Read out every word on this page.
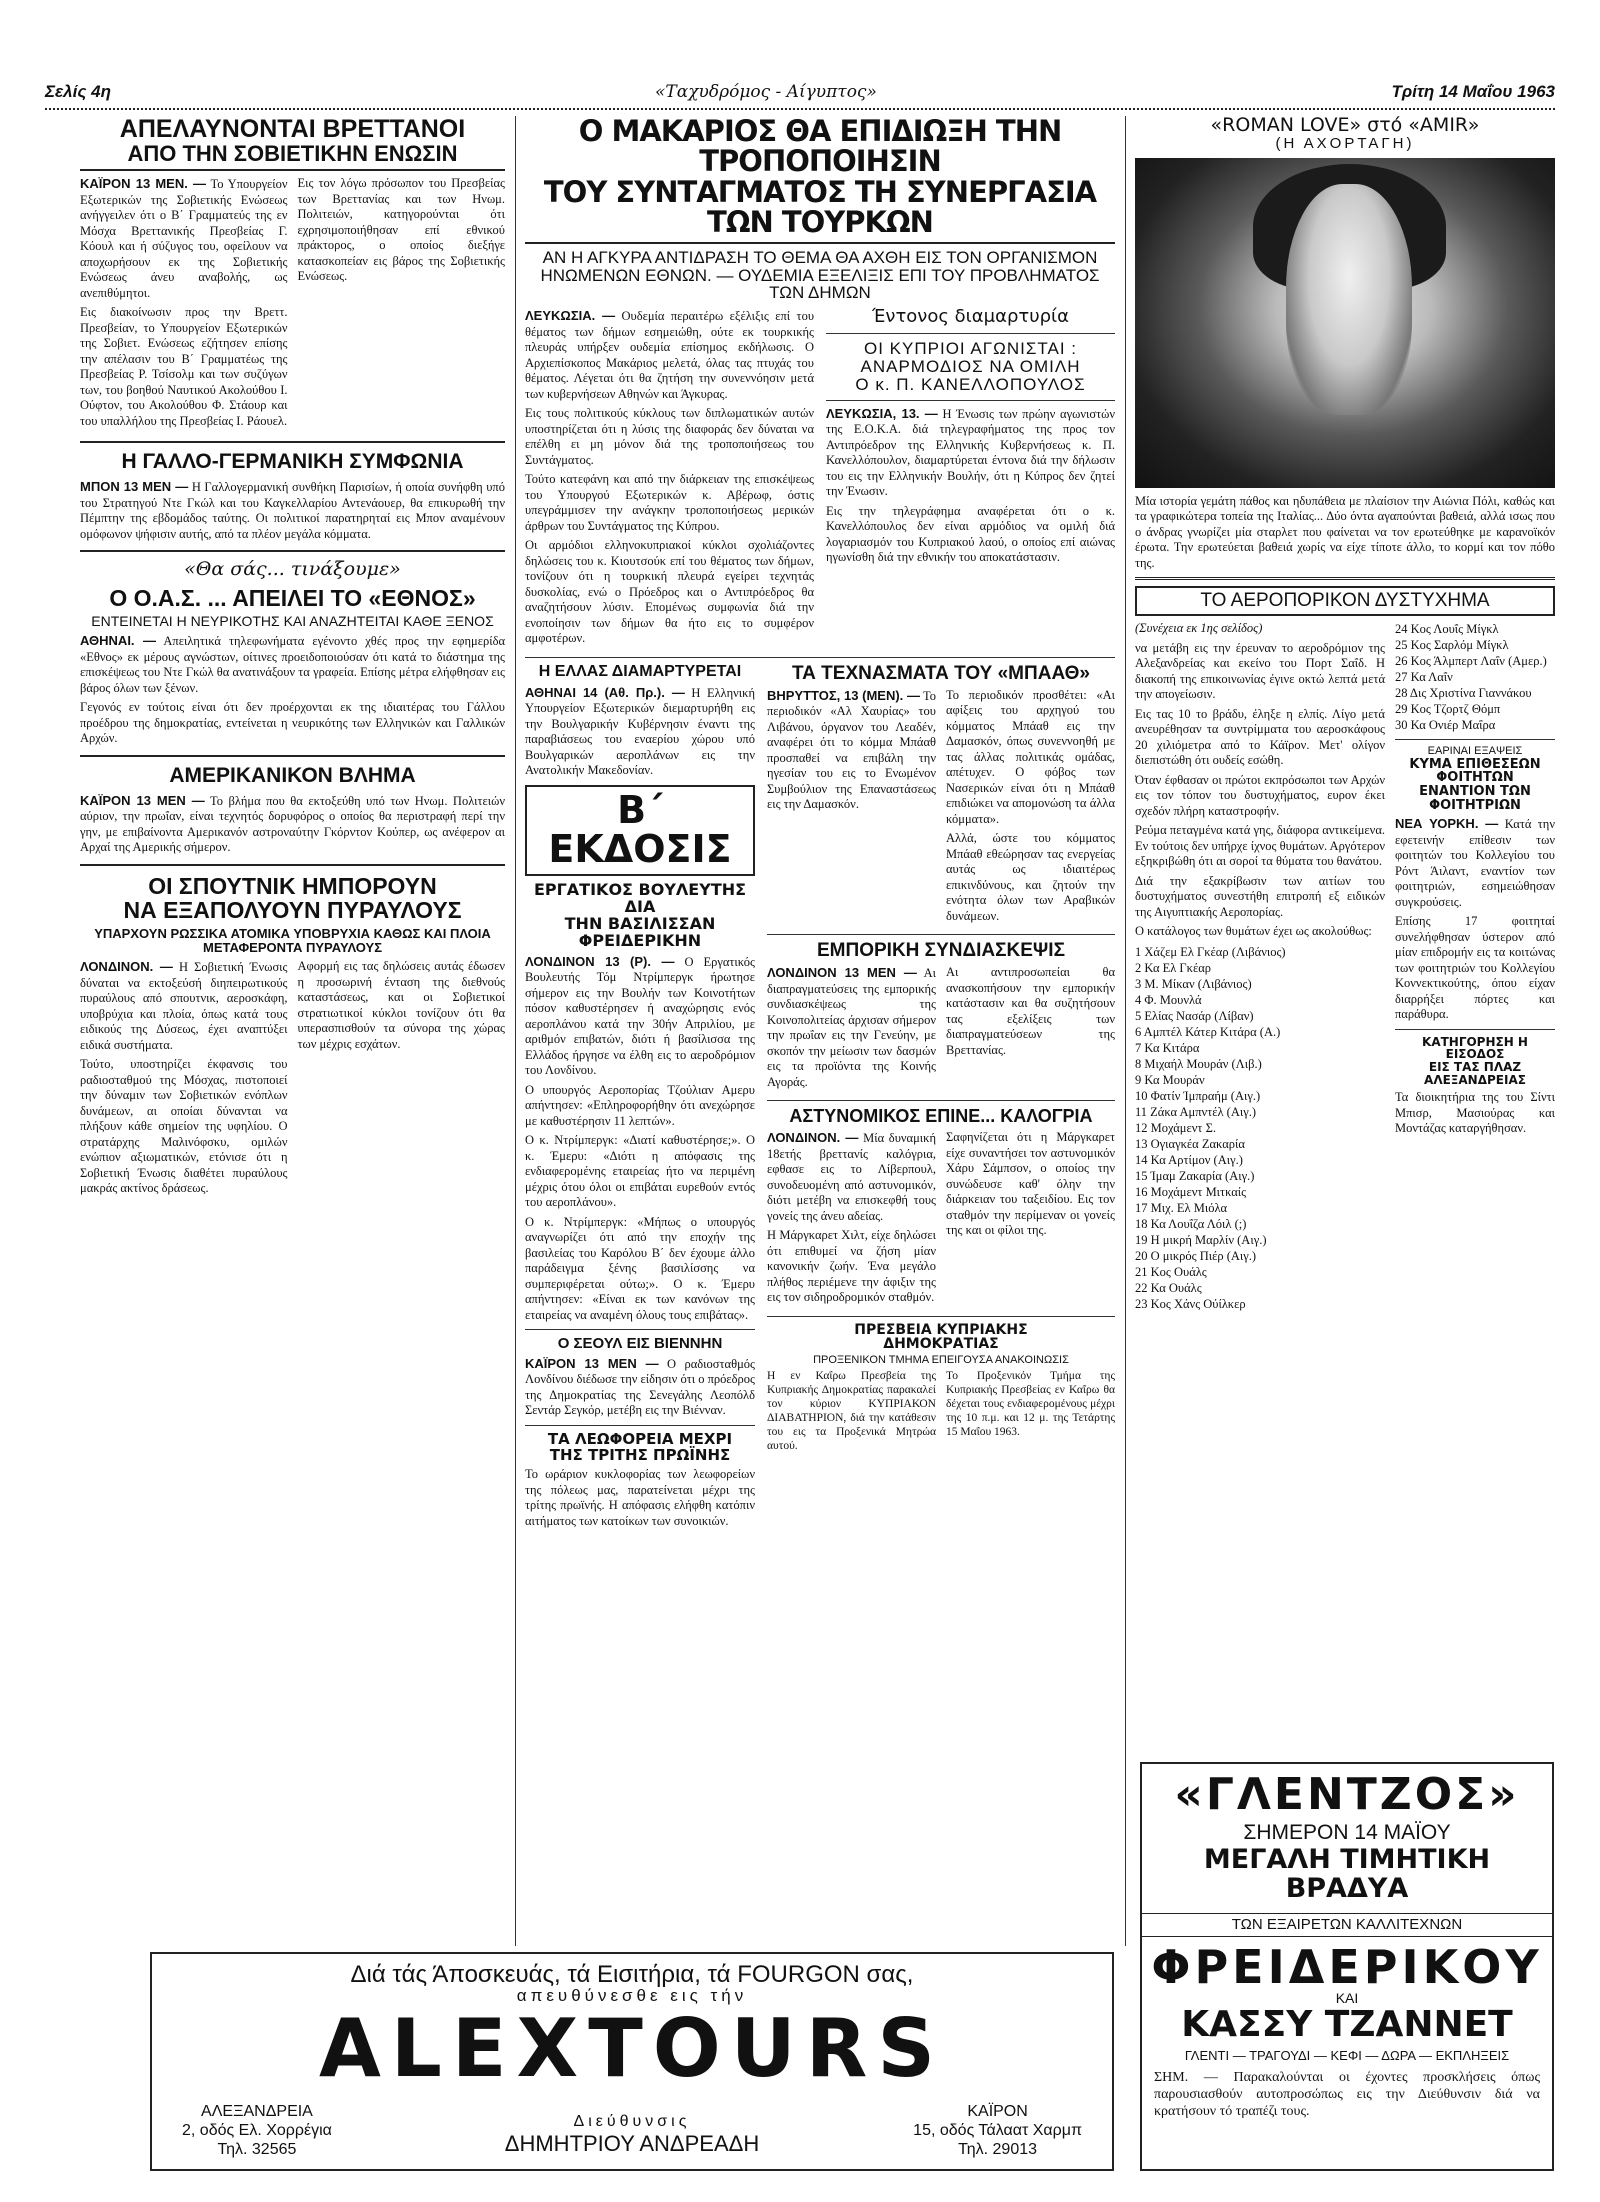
Σελίς 4η	«Ταχυδρόμος - Αίγυπτος»	Τρίτη 14 Μαΐου 1963
ΑΠΕΛΑΥΝΟΝΤΑΙ ΒΡΕΤΤΑΝΟΙ
ΑΠΟ ΤΗΝ ΣΟΒΙΕΤΙΚΗΝ ΕΝΩΣΙΝ

ΚΑΪΡΟΝ 13 ΜΕΝ. — Το Υπουργείον Εξωτερικών της Σοβιετικής Ενώσεως ανήγγειλεν ότι ο Β΄ Γραμματεύς της εν Μόσχα Βρεττανικής Πρεσβείας Γ. Κόουλ και ή σύζυγος του, οφείλουν να αποχωρήσουν εκ της Σοβιετικής Ενώσεως άνευ αναβολής, ως ανεπιθύμητοι.

Εις διακοίνωσιν προς την Βρεττ. Πρεσβείαν, το Υπουργείον Εξωτερικών της Σοβιετ. Ενώσεως εζήτησεν επίσης την απέλασιν του Β΄ Γραμματέως της Πρεσβείας Ρ. Τσίσολμ και των συζύγων των, του βοηθού Ναυτικού Ακολούθου Ι. Ούφτον, του Ακολούθου Φ. Στάουρ και του υπαλλήλου της Πρεσβείας Ι. Ράουελ.

Εις τον λόγω πρόσωπον του Πρεσβείας των Βρεττανίας και των Ηνωμ. Πολιτειών, κατηγορούνται ότι εχρησιμοποιήθησαν επί εθνικού πράκτορος, ο οποίος διεξήγε κατασκοπείαν εις βάρος της Σοβιετικής Ενώσεως.

Η ΓΑΛΛΟ-ΓΕΡΜΑΝΙΚΗ ΣΥΜΦΩΝΙΑ

ΜΠΟΝ 13 ΜΕΝ — Η Γαλλογερμανική συνθήκη Παρισίων, ή οποία συνήφθη υπό του Στρατηγού Ντε Γκώλ και του Καγκελλαρίου Αντενάουερ, θα επικυρωθή την Πέμπτην της εβδομάδος ταύτης. Οι πολιτικοί παρατηρηταί εις Μπον αναμένουν ομόφωνον ψήφισιν αυτής, από τα πλέον μεγάλα κόμματα.

«Θα σάς... τινάξουμε»
Ο Ο.Α.Σ. ... ΑΠΕΙΛΕΙ ΤΟ «ΕΘΝΟΣ»
ΕΝΤΕΙΝΕΤΑΙ Η ΝΕΥΡΙΚΟΤΗΣ ΚΑΙ ΑΝΑΖΗΤΕΙΤΑΙ ΚΑΘΕ ΞΕΝΟΣ

ΑΘΗΝΑΙ. — Απειλητικά τηλεφωνήματα εγένοντο χθές προς την εφημερίδα «Εθνος» εκ μέρους αγνώστων, οίτινες προειδοποιούσαν ότι κατά το διάστημα της επισκέψεως του Ντε Γκώλ θα ανατινάξουν τα γραφεία. Επίσης μέτρα ελήφθησαν εις βάρος όλων των ξένων.

Γεγονός εν τούτοις είναι ότι δεν προέρχονται εκ της ιδιαιτέρας του Γάλλου προέδρου της δημοκρατίας, εντείνεται η νευρικότης των Ελληνικών και Γαλλικών Αρχών.

ΑΜΕΡΙΚΑΝΙΚΟΝ ΒΛΗΜΑ

ΚΑΪΡΟΝ 13 ΜΕΝ — Το βλήμα που θα εκτοξεύθη υπό των Ηνωμ. Πολιτειών αύριον, την πρωΐαν, είναι τεχνητός δορυφόρος ο οποίος θα περιστραφή περί την γην, με επιβαίνοντα Αμερικανόν αστροναύτην Γκόρντον Κούπερ, ως ανέφερον αι Αρχαί της Αμερικής σήμερον.

ΟΙ ΣΠΟΥΤΝΙΚ ΗΜΠΟΡΟΥΝ
ΝΑ ΕΞΑΠΟΛΥΟΥΝ ΠΥΡΑΥΛΟΥΣ
ΥΠΑΡΧΟΥΝ ΡΩΣΣΙΚΑ ΑΤΟΜΙΚΑ ΥΠΟΒΡΥΧΙΑ ΚΑΘΩΣ ΚΑΙ ΠΛΟΙΑ ΜΕΤΑΦΕΡΟΝΤΑ ΠΥΡΑΥΛΟΥΣ

ΛΟΝΔΙΝΟΝ. — Η Σοβιετική Ένωσις δύναται να εκτοξεύσή διηπειρωτικούς πυραύλους από σπουτνικ, αεροσκάφη, υποβρύχια και πλοία, όπως κατά τους ειδικούς της Δύσεως, έχει αναπτύξει ειδικά συστήματα.

Τούτο, υποστηρίζει έκφανσις του ραδιοσταθμού της Μόσχας, πιστοποιεί την δύναμιν των Σοβιετικών ενόπλων δυνάμεων, αι οποίαι δύνανται να πλήξουν κάθε σημείον της υφηλίου. Ο στρατάρχης Μαλινόφσκυ, ομιλών ενώπιον αξιωματικών, ετόνισε ότι η Σοβιετική Ένωσις διαθέτει πυραύλους μακράς ακτίνος δράσεως.

Αφορμή εις τας δηλώσεις αυτάς έδωσεν η προσωρινή ένταση της διεθνούς καταστάσεως, και οι Σοβιετικοί στρατιωτικοί κύκλοι τονίζουν ότι θα υπερασπισθούν τα σύνορα της χώρας των μέχρις εσχάτων.

Ο ΜΑΚΑΡΙΟΣ ΘΑ ΕΠΙΔΙΩΞΗ ΤΗΝ ΤΡΟΠΟΠΟΙΗΣΙΝ
ΤΟΥ ΣΥΝΤΑΓΜΑΤΟΣ ΤΗ ΣΥΝΕΡΓΑΣΙΑ ΤΩΝ ΤΟΥΡΚΩΝ
ΑΝ Η ΑΓΚΥΡΑ ΑΝΤΙΔΡΑΣΗ ΤΟ ΘΕΜΑ ΘΑ ΑΧΘΗ ΕΙΣ ΤΟΝ ΟΡΓΑΝΙΣΜΟΝ ΗΝΩΜΕΝΩΝ ΕΘΝΩΝ. — ΟΥΔΕΜΙΑ ΕΞΕΛΙΞΙΣ ΕΠΙ ΤΟΥ ΠΡΟΒΛΗΜΑΤΟΣ ΤΩΝ ΔΗΜΩΝ

ΛΕΥΚΩΣΙΑ. — Ουδεμία περαιτέρω εξέλιξις επί του θέματος των δήμων εσημειώθη, ούτε εκ τουρκικής πλευράς υπήρξεν ουδεμία επίσημος εκδήλωσις. Ο Αρχιεπίσκοπος Μακάριος μελετά, όλας τας πτυχάς του θέματος. Λέγεται ότι θα ζητήση την συνεννόησιν μετά των κυβερνήσεων Αθηνών και Άγκυρας.

Εις τους πολιτικούς κύκλους των διπλωματικών αυτών υποστηρίζεται ότι η λύσις της διαφοράς δεν δύναται να επέλθη ει μη μόνον διά της τροποποιήσεως του Συντάγματος.

Τούτο κατεφάνη και από την διάρκειαν της επισκέψεως του Υπουργού Εξωτερικών κ. Αβέρωφ, όστις υπεγράμμισεν την ανάγκην τροποποιήσεως μερικών άρθρων του Συντάγματος της Κύπρου.

Οι αρμόδιοι ελληνοκυπριακοί κύκλοι σχολιάζοντες δηλώσεις του κ. Κιουτσούκ επί του θέματος των δήμων, τονίζουν ότι η τουρκική πλευρά εγείρει τεχνητάς δυσκολίας, ενώ ο Πρόεδρος και ο Αντιπρόεδρος θα αναζητήσουν λύσιν. Επομένως συμφωνία διά την ενοποίησιν των δήμων θα ήτο εις το συμφέρον αμφοτέρων.

Έντονος διαμαρτυρία
ΟΙ ΚΥΠΡΙΟΙ ΑΓΩΝΙΣΤΑΙ :
ΑΝΑΡΜΟΔΙΟΣ ΝΑ ΟΜΙΛΗ
Ο κ. Π. ΚΑΝΕΛΛΟΠΟΥΛΟΣ

ΛΕΥΚΩΣΙΑ, 13. — Η Ένωσις των πρώην αγωνιστών της Ε.Ο.Κ.Α. διά τηλεγραφήματος της προς τον Αντιπρόεδρον της Ελληνικής Κυβερνήσεως κ. Π. Κανελλόπουλον, διαμαρτύρεται έντονα διά την δήλωσιν του εις την Ελληνικήν Βουλήν, ότι η Κύπρος δεν ζητεί την Ένωσιν.

Εις την τηλεγράφημα αναφέρεται ότι ο κ. Κανελλόπουλος δεν είναι αρμόδιος να ομιλή διά λογαριασμόν του Κυπριακού λαού, ο οποίος επί αιώνας ηγωνίσθη διά την εθνικήν του αποκατάστασιν.

Η ΕΛΛΑΣ ΔΙΑΜΑΡΤΥΡΕΤΑΙ

ΑΘΗΝΑΙ 14 (Αθ. Πρ.). — Η Ελληνική Υπουργείον Εξωτερικών διεμαρτυρήθη εις την Βουλγαρικήν Κυβέρνησιν έναντι της παραβιάσεως του εναερίου χώρου υπό Βουλγαρικών αεροπλάνων εις την Ανατολικήν Μακεδονίαν.

Β΄ ΕΚΔΟΣΙΣ
ΕΡΓΑΤΙΚΟΣ ΒΟΥΛΕΥΤΗΣ ΔΙΑ
ΤΗΝ ΒΑΣΙΛΙΣΣΑΝ ΦΡΕΙΔΕΡΙΚΗΝ

ΛΟΝΔΙΝΟΝ 13 (Ρ). — Ο Εργατικός Βουλευτής Τόμ Ντρίμπεργκ ήρωτησε σήμερον εις την Βουλήν των Κοινοτήτων πόσον καθυστέρησεν ή αναχώρησις ενός αεροπλάνου κατά την 30ήν Απριλίου, με αριθμόν επιβατών, διότι ή βασίλισσα της Ελλάδος ήργησε να έλθη εις το αεροδρόμιον του Λονδίνου.

Ο υπουργός Αεροπορίας Τζούλιαν Αμερυ απήντησεν: «Επληροφορήθην ότι ανεχώρησε με καθυστέρησιν 11 λεπτών».

Ο κ. Ντρίμπεργκ: «Διατί καθυστέρησε;». Ο κ. Έμερυ: «Διότι η απόφασις της ενδιαφερομένης εταιρείας ήτο να περιμένη μέχρις ότου όλοι οι επιβάται ευρεθούν εντός του αεροπλάνου».

Ο κ. Ντρίμπεργκ: «Μήπως ο υπουργός αναγνωρίζει ότι από την εποχήν της βασιλείας του Καρόλου Β΄ δεν έχουμε άλλο παράδειγμα ξένης βασιλίσσης να συμπεριφέρεται ούτω;». Ο κ. Έμερυ απήντησεν: «Είναι εκ των κανόνων της εταιρείας να αναμένη όλους τους επιβάτας».

Ο ΣΕΟΥΛ ΕΙΣ ΒΙΕΝΝΗΝ

ΚΑΪΡΟΝ 13 ΜΕΝ — Ο ραδιοσταθμός Λονδίνου διέδωσε την είδησιν ότι ο πρόεδρος της Δημοκρατίας της Σενεγάλης Λεοπόλδ Σεντάρ Σεγκόρ, μετέβη εις την Βιένναν.

ΤΑ ΛΕΩΦΟΡΕΙΑ ΜΕΧΡΙ
ΤΗΣ ΤΡΙΤΗΣ ΠΡΩΪΝΗΣ

Το ωράριον κυκλοφορίας των λεωφορείων της πόλεως μας, παρατείνεται μέχρι της τρίτης πρωϊνής. Η απόφασις ελήφθη κατόπιν αιτήματος των κατοίκων των συνοικιών.

ΤΑ ΤΕΧΝΑΣΜΑΤΑ ΤΟΥ «ΜΠΑΑΘ»

ΒΗΡΥΤΤΟΣ, 13 (ΜΕΝ). — Το περιοδικόν «Αλ Χαυρίας» του Λιβάνου, όργανον του Λεαδέν, αναφέρει ότι το κόμμα Μπάαθ προσπαθεί να επιβάλη την ηγεσίαν του εις το Ενωμένον Συμβούλιον της Επαναστάσεως εις την Δαμασκόν.

Το περιοδικόν προσθέτει: «Αι αφίξεις του αρχηγού του κόμματος Μπάαθ εις την Δαμασκόν, όπως συνεννοηθή με τας άλλας πολιτικάς ομάδας, απέτυχεν. Ο φόβος των Νασερικών είναι ότι η Μπάαθ επιδιώκει να απομονώση τα άλλα κόμματα».

Αλλά, ώστε του κόμματος Μπάαθ εθεώρησαν τας ενεργείας αυτάς ως ιδιαιτέρως επικινδύνους, και ζητούν την ενότητα όλων των Αραβικών δυνάμεων.

ΕΜΠΟΡΙΚΗ ΣΥΝΔΙΑΣΚΕΨΙΣ

ΛΟΝΔΙΝΟΝ 13 ΜΕΝ — Αι διαπραγματεύσεις της εμπορικής συνδιασκέψεως της Κοινοπολιτείας άρχισαν σήμερον την πρωΐαν εις την Γενεύην, με σκοπόν την μείωσιν των δασμών εις τα προϊόντα της Κοινής Αγοράς.

Αι αντιπροσωπείαι θα ανασκοπήσουν την εμπορικήν κατάστασιν και θα συζητήσουν τας εξελίξεις των διαπραγματεύσεων της Βρεττανίας.

ΑΣΤΥΝΟΜΙΚΟΣ ΕΠΙΝΕ... ΚΑΛΟΓΡΙΑ

ΛΟΝΔΙΝΟΝ. — Μία δυναμική 18ετής βρεττανίς καλόγρια, εφθασε εις το Λίβερπουλ, συνοδευομένη από αστυνομικόν, διότι μετέβη να επισκεφθή τους γονείς της άνευ αδείας.

Η Μάργκαρετ Χιλτ, είχε δηλώσει ότι επιθυμεί να ζήση μίαν κανονικήν ζωήν. Ένα μεγάλο πλήθος περιέμενε την άφιξιν της εις τον σιδηροδρομικόν σταθμόν.

Σαφηνίζεται ότι η Μάργκαρετ είχε συναντήσει τον αστυνομικόν Χάρυ Σάμπσον, ο οποίος την συνώδευσε καθ' όλην την διάρκειαν του ταξειδίου. Εις τον σταθμόν την περίμεναν οι γονείς της και οι φίλοι της.

ΠΡΕΣΒΕΙΑ ΚΥΠΡΙΑΚΗΣ
ΔΗΜΟΚΡΑΤΙΑΣ
ΠΡΟΞΕΝΙΚΟΝ ΤΜΗΜΑ ΕΠΕΙΓΟΥΣΑ ΑΝΑΚΟΙΝΩΣΙΣ

Η εν Καΐρω Πρεσβεία της Κυπριακής Δημοκρατίας παρακαλεί τον κύριον ΚΥΠΡΙΑΚΟΝ ΔΙΑΒΑΤΗΡΙΟΝ, διά την κατάθεσιν του εις τα Προξενικά Μητρώα αυτού.

Το Προξενικόν Τμήμα της Κυπριακής Πρεσβείας εν Καΐρω θα δέχεται τους ενδιαφερομένους μέχρι της 10 π.μ. και 12 μ. της Τετάρτης 15 Μαΐου 1963.

«ROMAN LOVE» στό «AMIR»
(Η ΑΧΟΡΤΑΓΗ)

Μία ιστορία γεμάτη πάθος και ηδυπάθεια με πλαίσιον την Αιώνια Πόλι, καθώς και τα γραφικώτερα τοπεία της Ιταλίας... Δύο όντα αγαπούνται βαθειά, αλλά ισως που ο άνδρας γνωρίζει μία σταρλετ που φαίνεται να τον ερωτεύθηκε με καρανοϊκόν έρωτα. Την ερωτεύεται βαθειά χωρίς να είχε τίποτε άλλο, το κορμί και τον πόθο της.

ΤΟ ΑΕΡΟΠΟΡΙΚΟΝ ΔΥΣΤΥΧΗΜΑ

(Συνέχεια εκ 1ης σελίδος)

να μετάβη εις την έρευναν το αεροδρόμιον της Αλεξανδρείας και εκείνο του Πορτ Σαΐδ. Η διακοπή της επικοινωνίας έγινε οκτώ λεπτά μετά την απογείωσιν.

Εις τας 10 το βράδυ, έληξε η ελπίς. Λίγο μετά ανευρέθησαν τα συντρίμματα του αεροσκάφους 20 χιλιόμετρα από το Κάϊρον. Μετ' ολίγον διεπιστώθη ότι ουδείς εσώθη.

Όταν έφθασαν οι πρώτοι εκπρόσωποι των Αρχών εις τον τόπον του δυστυχήματος, ευρον έκει σχεδόν πλήρη καταστροφήν.

Ρεύμα πεταγμένα κατά γης, διάφορα αντικείμενα. Εν τούτοις δεν υπήρχε ίχνος θυμάτων. Αργότερον εξηκριβώθη ότι αι σοροί τα θύματα του θανάτου.

Διά την εξακρίβωσιν των αιτίων του δυστυχήματος συνεστήθη επιτροπή εξ ειδικών της Αιγυπτιακής Αεροπορίας.

Ο κατάλογος των θυμάτων έχει ως ακολούθως:

1 Χάζεμ Ελ Γκέαρ (Λιβάνιος)
2 Κα Ελ Γκέαρ
3 Μ. Μίκαν (Λιβάνιος)
4 Φ. Μουνλά
5 Ελίας Νασάρ (Λίβαν)
6 Αμπτέλ Κάτερ Κιτάρα (Α.)
7 Κα Κιτάρα
8 Μιχαήλ Μουράν (Λιβ.)
9 Κα Μουράν
10 Φατίν Ίμπραήμ (Αιγ.)
11 Ζάκα Αμπντέλ (Αιγ.)
12 Μοχάμεντ Σ.
13 Ογιαγκέα Ζακαρία
14 Κα Αρτίμον (Αιγ.)
15 Ίμαμ Ζακαρία (Αιγ.)
16 Μοχάμεντ Μιτκαίς
17 Μιχ. Ελ Μιόλα
18 Κα Λουΐζα Λόιλ (;)
19 Η μικρή Μαρλίν (Αιγ.)
20 Ο μικρός Πιέρ (Αιγ.)
21 Κος Ουάλς
22 Κα Ουάλς
23 Κος Χάνς Ούίλκερ
24 Κος Λουΐς Μίγκλ
25 Κος Σαρλόμ Μίγκλ
26 Κος Άλμπερτ Λαΐν (Αμερ.)
27 Κα Λαΐν
28 Δις Χριστίνα Γιαννάκου
29 Κος Τζορτζ Θόμπ
30 Κα Ονιέρ Μαΐρα
ΕΑΡΙΝΑΙ ΕΞΑΨΕΙΣ
ΚΥΜΑ ΕΠΙΘΕΣΕΩΝ ΦΟΙΤΗΤΩΝ
ΕΝΑΝΤΙΟΝ ΤΩΝ ΦΟΙΤΗΤΡΙΩΝ

ΝΕΑ ΥΟΡΚΗ. — Κατά την εφετεινήν επίθεσιν των φοιτητών του Κολλεγίου του Ρόντ Άιλαντ, εναντίον των φοιτητριών, εσημειώθησαν συγκρούσεις.

Επίσης 17 φοιτηταί συνελήφθησαν ύστερον από μίαν επιδρομήν εις τα κοιτώνας των φοιτητριών του Κολλεγίου Κοννεκτικούτης, όπου είχαν διαρρήξει πόρτες και παράθυρα.

ΚΑΤΗΓΟΡΗΣΗ Η ΕΙΣΟΔΟΣ
ΕΙΣ ΤΑΣ ΠΛΑΖ ΑΛΕΞΑΝΔΡΕΙΑΣ

Τα διοικητήρια της του Σίντι Μπισρ, Μασιούρας και Μοντάζας καταργήθησαν.

Διά τάς Άποσκευάς, τά Εισιτήρια, τά FOURGON σας,
απευθύνεσθε εις τήν
ALEXTOURS
ΑΛΕΞΑΝΔΡΕΙΑ
2, οδός Ελ. Χορρέγια
Τηλ. 32565
Διεύθυνσις
ΔΗΜΗΤΡΙΟΥ ΑΝΔΡΕΑΔΗ
ΚΑΪΡΟΝ
15, οδός Τάλαατ Χαρμπ
Τηλ. 29013
«ΓΛΕΝΤΖΟΣ»
ΣΗΜΕΡΟΝ 14 ΜΑΪΟΥ
ΜΕΓΑΛΗ ΤΙΜΗΤΙΚΗ ΒΡΑΔΥΑ
ΤΩΝ ΕΞΑΙΡΕΤΩΝ ΚΑΛΛΙΤΕΧΝΩΝ
ΦΡΕΙΔΕΡΙΚΟΥ
ΚΑΙ
ΚΑΣΣΥ ΤΖΑΝΝΕΤ
ΓΛΕΝΤΙ — ΤΡΑΓΟΥΔΙ — ΚΕΦΙ — ΔΩΡΑ — ΕΚΠΛΗΞΕΙΣ

ΣΗΜ. — Παρακαλούνται οι έχοντες προσκλήσεις όπως παρουσιασθούν αυτοπροσώπως εις την Διεύθυνσιν διά να κρατήσουν τό τραπέζι τους.
